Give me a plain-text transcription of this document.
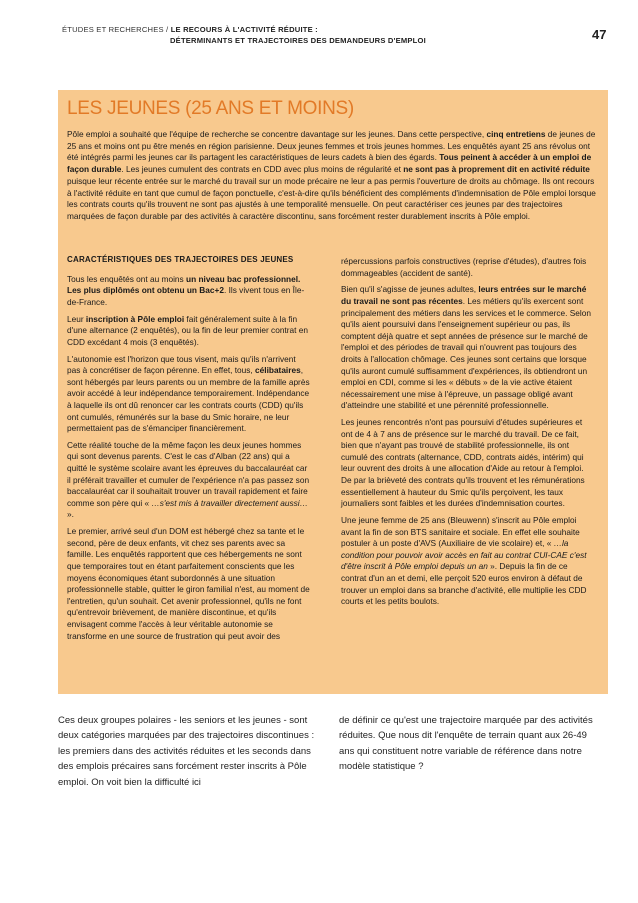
ÉTUDES ET RECHERCHES / LE RECOURS À L'ACTIVITÉ RÉDUITE :
DÉTERMINANTS ET TRAJECTOIRES DES DEMANDEURS D'EMPLOI	47
LES JEUNES (25 ANS ET MOINS)
Pôle emploi a souhaité que l'équipe de recherche se concentre davantage sur les jeunes. Dans cette perspective, cinq entretiens de jeunes de 25 ans et moins ont pu être menés en région parisienne. Deux jeunes femmes et trois jeunes hommes. Les enquêtés ayant 25 ans révolus ont été intégrés parmi les jeunes car ils partagent les caractéristiques de leurs cadets à bien des égards. Tous peinent à accéder à un emploi de façon durable. Les jeunes cumulent des contrats en CDD avec plus moins de régularité et ne sont pas à proprement dit en activité réduite puisque leur récente entrée sur le marché du travail sur un mode précaire ne leur a pas permis l'ouverture de droits au chômage. Ils ont recours à l'activité réduite en tant que cumul de façon ponctuelle, c'est-à-dire qu'ils bénéficient des compléments d'indemnisation de Pôle emploi lorsque les contrats courts qu'ils trouvent ne sont pas ajustés à une temporalité mensuelle. On peut caractériser ces jeunes par des trajectoires marquées de façon durable par des activités à caractère discontinu, sans forcément rester durablement inscrits à Pôle emploi.
CARACTÉRISTIQUES DES TRAJECTOIRES DES JEUNES

Tous les enquêtés ont au moins un niveau bac professionnel. Les plus diplômés ont obtenu un Bac+2. Ils vivent tous en Île-de-France.

Leur inscription à Pôle emploi fait généralement suite à la fin d'une alternance (2 enquêtés), ou la fin de leur premier contrat en CDD excédant 4 mois (3 enquêtés).

L'autonomie est l'horizon que tous visent, mais qu'ils n'arrivent pas à concrétiser de façon pérenne. En effet, tous, célibataires, sont hébergés par leurs parents ou un membre de la famille après avoir accédé à leur indépendance temporairement. Indépendance à laquelle ils ont dû renoncer car les contrats courts (CDD) qu'ils ont cumulés, rémunérés sur la base du Smic horaire, ne leur permettaient pas de s'émanciper financièrement.

Cette réalité touche de la même façon les deux jeunes hommes qui sont devenus parents. C'est le cas d'Alban (22 ans) qui a quitté le système scolaire avant les épreuves du baccalauréat car il préférait travailler et cumuler de l'expérience n'a pas passez son baccalauréat car il souhaitait trouver un travail rapidement et faire comme son père qui « …s'est mis à travailler directement aussi… ».

Le premier, arrivé seul d'un DOM est hébergé chez sa tante et le second, père de deux enfants, vit chez ses parents avec sa famille. Les enquêtés rapportent que ces hébergements ne sont que temporaires tout en étant parfaitement conscients que les moyens économiques étant subordonnés à une situation professionnelle stable, quitter le giron familial n'est, au moment de l'entretien, qu'un souhait. Cet avenir professionnel, qu'ils ne font qu'entrevoir brièvement, de manière discontinue, et qu'ils envisagent comme l'accès à leur véritable autonomie se transforme en une source de frustration qui peut avoir des

répercussions parfois constructives (reprise d'études), d'autres fois dommageables (accident de santé).

Bien qu'il s'agisse de jeunes adultes, leurs entrées sur le marché du travail ne sont pas récentes. Les métiers qu'ils exercent sont principalement des métiers dans les services et le commerce. Selon qu'ils aient poursuivi dans l'enseignement supérieur ou pas, ils comptent déjà quatre et sept années de présence sur le marché de l'emploi et des périodes de travail qui n'ouvrent pas toujours des droits à l'allocation chômage. Ces jeunes sont certains que lorsque qu'ils auront cumulé suffisamment d'expériences, ils obtiendront un emploi en CDI, comme si les « débuts » de la vie active étaient nécessairement une mise à l'épreuve, un passage obligé avant d'atteindre une stabilité et une pérennité professionnelle.

Les jeunes rencontrés n'ont pas poursuivi d'études supérieures et ont de 4 à 7 ans de présence sur le marché du travail. De ce fait, bien que n'ayant pas trouvé de stabilité professionnelle, ils ont cumulé des contrats (alternance, CDD, contrats aidés, intérim) qui leur ouvrent des droits à une allocation d'Aide au retour à l'emploi. De par la brièveté des contrats qu'ils trouvent et les rémunérations essentiellement à hauteur du Smic qu'ils perçoivent, les taux journaliers sont faibles et les durées d'indemnisation courtes.

Une jeune femme de 25 ans (Bleuwenn) s'inscrit au Pôle emploi avant la fin de son BTS sanitaire et sociale. En effet elle souhaite postuler à un poste d'AVS (Auxiliaire de vie scolaire) et, « …la condition pour pouvoir avoir accès en fait au contrat CUI-CAE c'est d'être inscrit à Pôle emploi depuis un an ». Depuis la fin de ce contrat d'un an et demi, elle perçoit 520 euros environ à défaut de trouver un emploi dans sa branche d'activité, elle multiplie les CDD courts et les petits boulots.

Ces deux groupes polaires - les seniors et les jeunes - sont deux catégories marquées par des trajectoires discontinues : les premiers dans des activités réduites et les seconds dans des emplois précaires sans forcément rester inscrits à Pôle emploi. On voit bien la difficulté ici
de définir ce qu'est une trajectoire marquée par des activités réduites. Que nous dit l'enquête de terrain quant aux 26-49 ans qui constituent notre variable de référence dans notre modèle statistique ?
